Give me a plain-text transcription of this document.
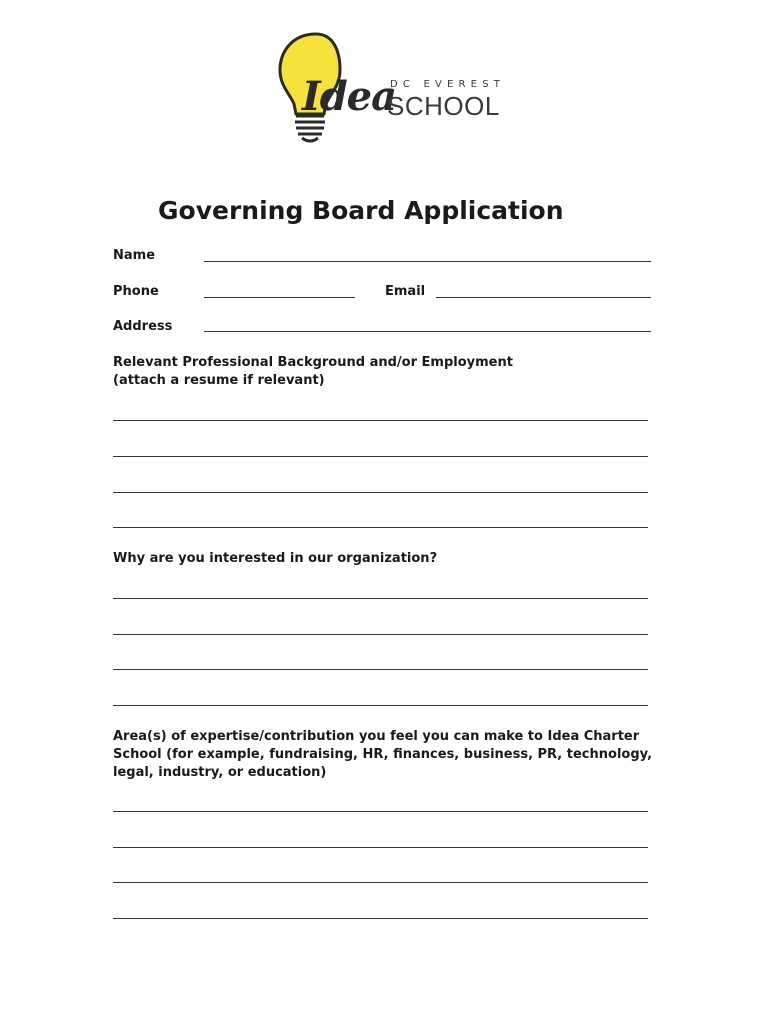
DC EVEREST
Idea
SCHOOL
Governing Board Application
Name
Phone	Email
Address
Relevant Professional Background and/or Employment
(attach a resume if relevant)
Why are you interested in our organization?
Area(s) of expertise/contribution you feel you can make to Idea Charter
School (for example, fundraising, HR, finances, business, PR, technology,
legal, industry, or education)
